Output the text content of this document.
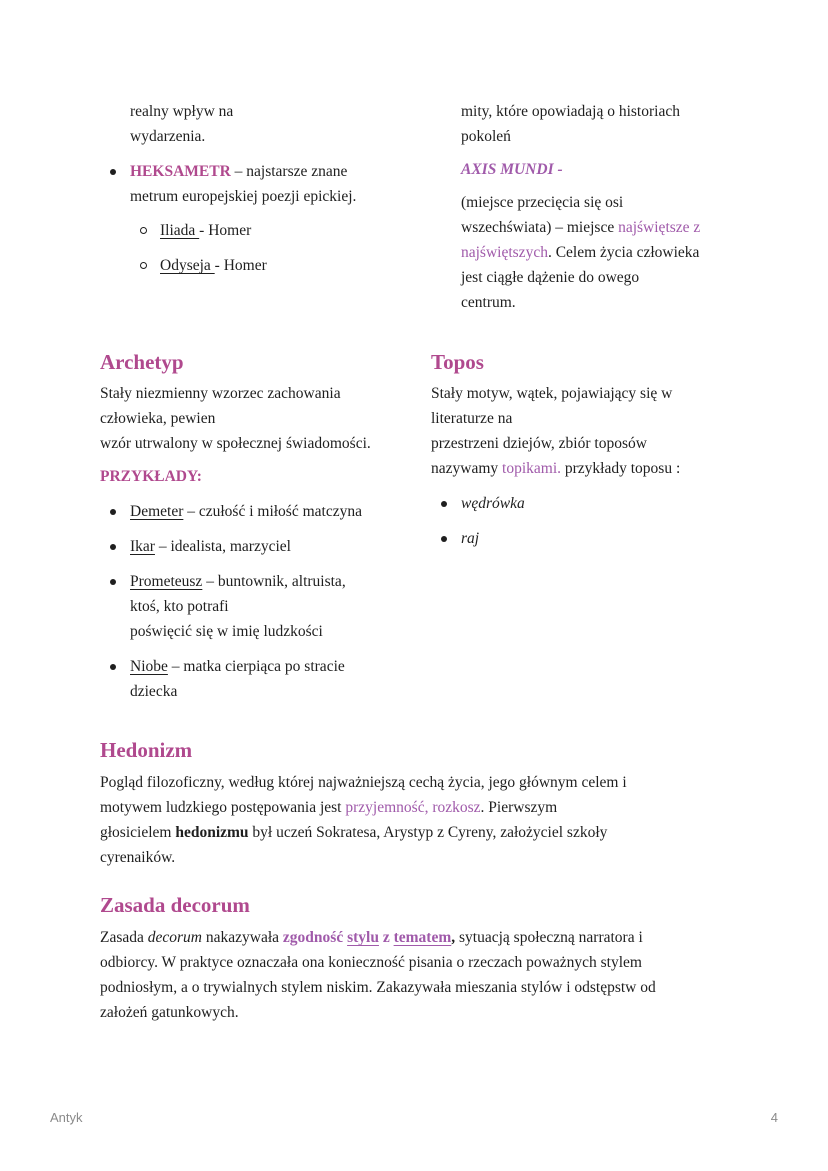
realny wpływ na
wydarzenia.

HEKSAMETR – najstarsze znane
metrum europejskiej poezji epickiej.
Iliada - Homer
Odyseja - Homer

mity, które opowiadają o historiach
pokoleń

AXIS MUNDI -

(miejsce przecięcia się osi
wszechświata) – miejsce najświętsze z
najświętszych. Celem życia człowieka
jest ciągłe dążenie do owego
centrum.

Archetyp

Stały niezmienny wzorzec zachowania
człowieka, pewien
wzór utrwalony w społecznej świadomości.

PRZYKŁADY:

Demeter – czułość i miłość matczyna
Ikar – idealista, marzyciel
Prometeusz – buntownik, altruista,
ktoś, kto potrafi
poświęcić się w imię ludzkości
Niobe – matka cierpiąca po stracie
dziecka
Topos

Stały motyw, wątek, pojawiający się w
literaturze na
przestrzeni dziejów, zbiór toposów
nazywamy topikami. przykłady toposu :

wędrówka
raj
Hedonizm

Pogląd filozoficzny, według której najważniejszą cechą życia, jego głównym celem i
motywem ludzkiego postępowania jest przyjemność, rozkosz. Pierwszym
głosicielem hedonizmu był uczeń Sokratesa, Arystyp z Cyreny, założyciel szkoły
cyrenaików.

Zasada decorum

Zasada decorum nakazywała zgodność stylu z tematem, sytuacją społeczną narratora i
odbiorcy. W praktyce oznaczała ona konieczność pisania o rzeczach poważnych stylem
podniosłym, a o trywialnych stylem niskim. Zakazywała mieszania stylów i odstępstw od
założeń gatunkowych.

Antyk	4
